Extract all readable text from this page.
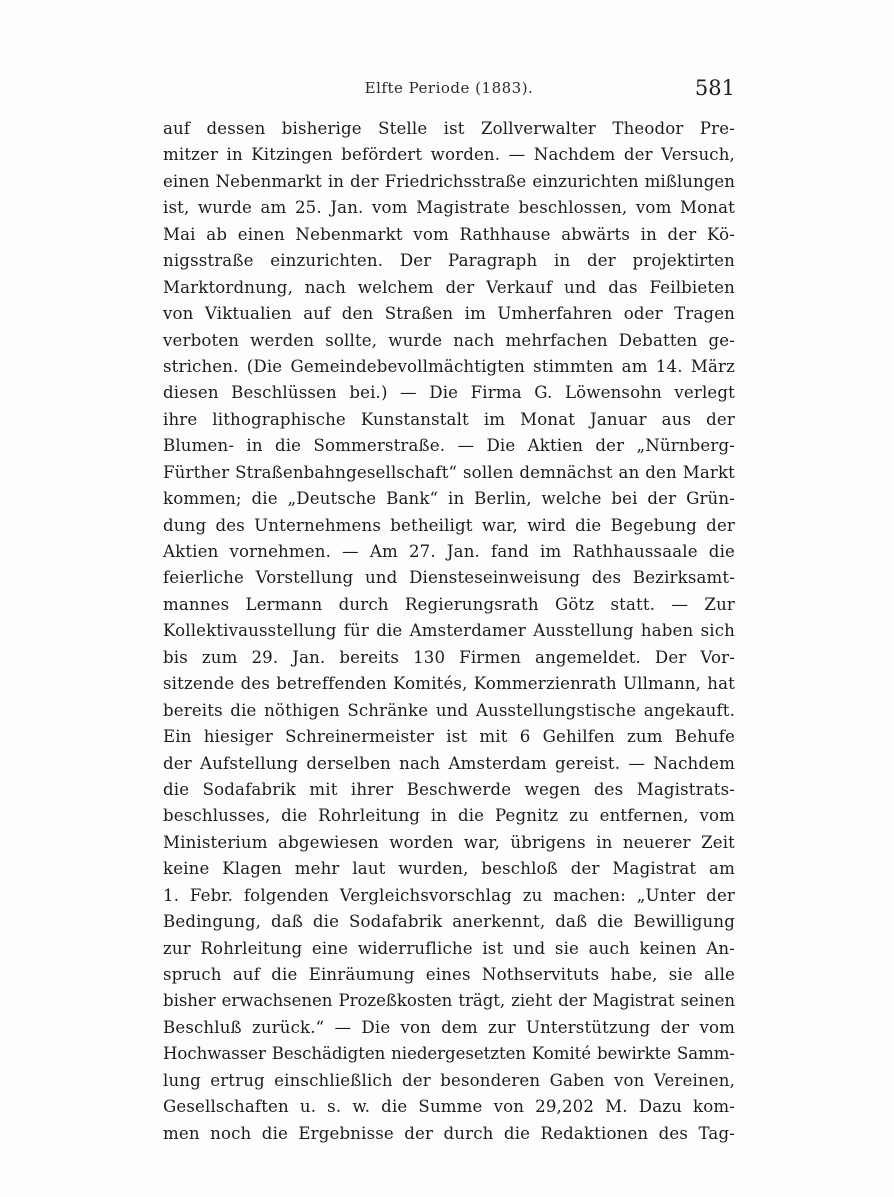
Elfte Periode (1883).	581
auf dessen bisherige Stelle ist Zollverwalter Theodor Pre-
mitzer in Kitzingen befördert worden. — Nachdem der Versuch,
einen Nebenmarkt in der Friedrichsstraße einzurichten mißlungen
ist, wurde am 25. Jan. vom Magistrate beschlossen, vom Monat
Mai ab einen Nebenmarkt vom Rathhause abwärts in der Kö-
nigsstraße einzurichten. Der Paragraph in der projektirten
Marktordnung, nach welchem der Verkauf und das Feilbieten
von Viktualien auf den Straßen im Umherfahren oder Tragen
verboten werden sollte, wurde nach mehrfachen Debatten ge-
strichen. (Die Gemeindebevollmächtigten stimmten am 14. März
diesen Beschlüssen bei.) — Die Firma G. Löwensohn verlegt
ihre lithographische Kunstanstalt im Monat Januar aus der
Blumen- in die Sommerstraße. — Die Aktien der „Nürnberg-
Fürther Straßenbahngesellschaft“ sollen demnächst an den Markt
kommen; die „Deutsche Bank“ in Berlin, welche bei der Grün-
dung des Unternehmens betheiligt war, wird die Begebung der
Aktien vornehmen. — Am 27. Jan. fand im Rathhaussaale die
feierliche Vorstellung und Diensteseinweisung des Bezirksamt-
mannes Lermann durch Regierungsrath Götz statt. — Zur
Kollektivausstellung für die Amsterdamer Ausstellung haben sich
bis zum 29. Jan. bereits 130 Firmen angemeldet. Der Vor-
sitzende des betreffenden Komités, Kommerzienrath Ullmann, hat
bereits die nöthigen Schränke und Ausstellungstische angekauft.
Ein hiesiger Schreinermeister ist mit 6 Gehilfen zum Behufe
der Aufstellung derselben nach Amsterdam gereist. — Nachdem
die Sodafabrik mit ihrer Beschwerde wegen des Magistrats-
beschlusses, die Rohrleitung in die Pegnitz zu entfernen, vom
Ministerium abgewiesen worden war, übrigens in neuerer Zeit
keine Klagen mehr laut wurden, beschloß der Magistrat am
1. Febr. folgenden Vergleichsvorschlag zu machen: „Unter der
Bedingung, daß die Sodafabrik anerkennt, daß die Bewilligung
zur Rohrleitung eine widerrufliche ist und sie auch keinen An-
spruch auf die Einräumung eines Nothservituts habe, sie alle
bisher erwachsenen Prozeßkosten trägt, zieht der Magistrat seinen
Beschluß zurück.“ — Die von dem zur Unterstützung der vom
Hochwasser Beschädigten niedergesetzten Komité bewirkte Samm-
lung ertrug einschließlich der besonderen Gaben von Vereinen,
Gesellschaften u. s. w. die Summe von 29,202 M. Dazu kom-
men noch die Ergebnisse der durch die Redaktionen des Tag-
